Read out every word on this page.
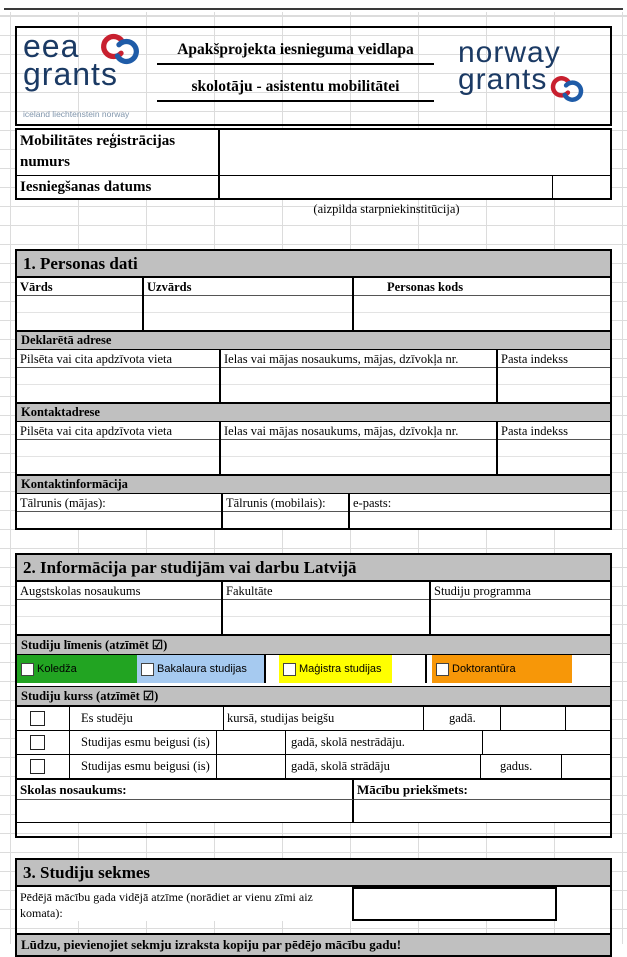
eea
grants
iceland liechtenstein norway
Apakšprojekta iesnieguma veidlapa
skolotāju - asistentu mobilitātei
norway
grants
Mobilitātes reģistrācijas numurs
Iesniegšanas datums
(aizpilda starpniekinstitūcija)
1. Personas dati
Vārds	Uzvārds	Personas kods
Deklarētā adrese
Pilsēta vai cita apdzīvota vieta	Ielas vai mājas nosaukums, mājas, dzīvokļa nr.	Pasta indekss
Kontaktadrese
Pilsēta vai cita apdzīvota vieta	Ielas vai mājas nosaukums, mājas, dzīvokļa nr.	Pasta indekss
Kontaktinformācija
Tālrunis (mājas):	Tālrunis (mobilais):	e-pasts:
2. Informācija par studijām vai darbu Latvijā
Augstskolas nosaukums	Fakultāte	Studiju programma
Studiju līmenis (atzīmēt ☑)
Koledža	Bakalaura studijas	Maģistra studijas	Doktorantūra
Studiju kurss (atzīmēt ☑)
Es studēju	kursā, studijas beigšu	gadā.
Studijas esmu beigusi (is)	gadā, skolā nestrādāju.
Studijas esmu beigusi (is)	gadā, skolā strādāju	gadus.
Skolas nosaukums:	Mācību priekšmets:
3. Studiju sekmes
Pēdējā mācību gada vidējā atzīme (norādiet ar vienu zīmi aiz komata):
Lūdzu, pievienojiet sekmju izraksta kopiju par pēdējo mācību gadu!
